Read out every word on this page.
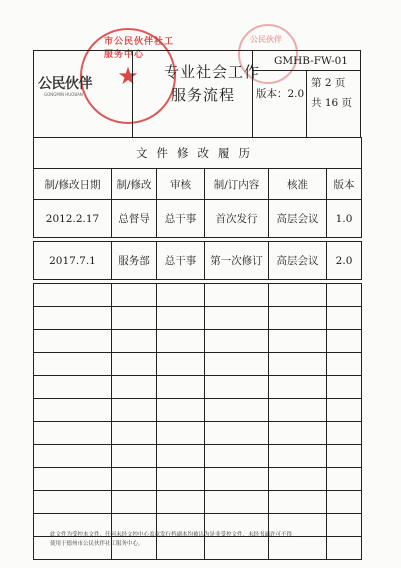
★
市公民伙伴社工服务中心
公民伙伴
公民伙伴
GONGMIN HUOBAN
专业社会工作
服务流程
GMHB-FW-01
版本：2.0
第 2 页
共 16 页
文件修改履历					
制/修改日期	制/修改	审核	制/订内容	核准	版本
2012.2.17	总督导	总干事	首次发行	高层会议	1.0

2017.7.1	服务部	总干事	第一次修订	高层会议	2.0

此文件为受控本文件，任何未经文控中心盖章发行档副本均被认为是非受控文件，未经书面许可不得
使用于德州市公民伙伴社工服务中心。
